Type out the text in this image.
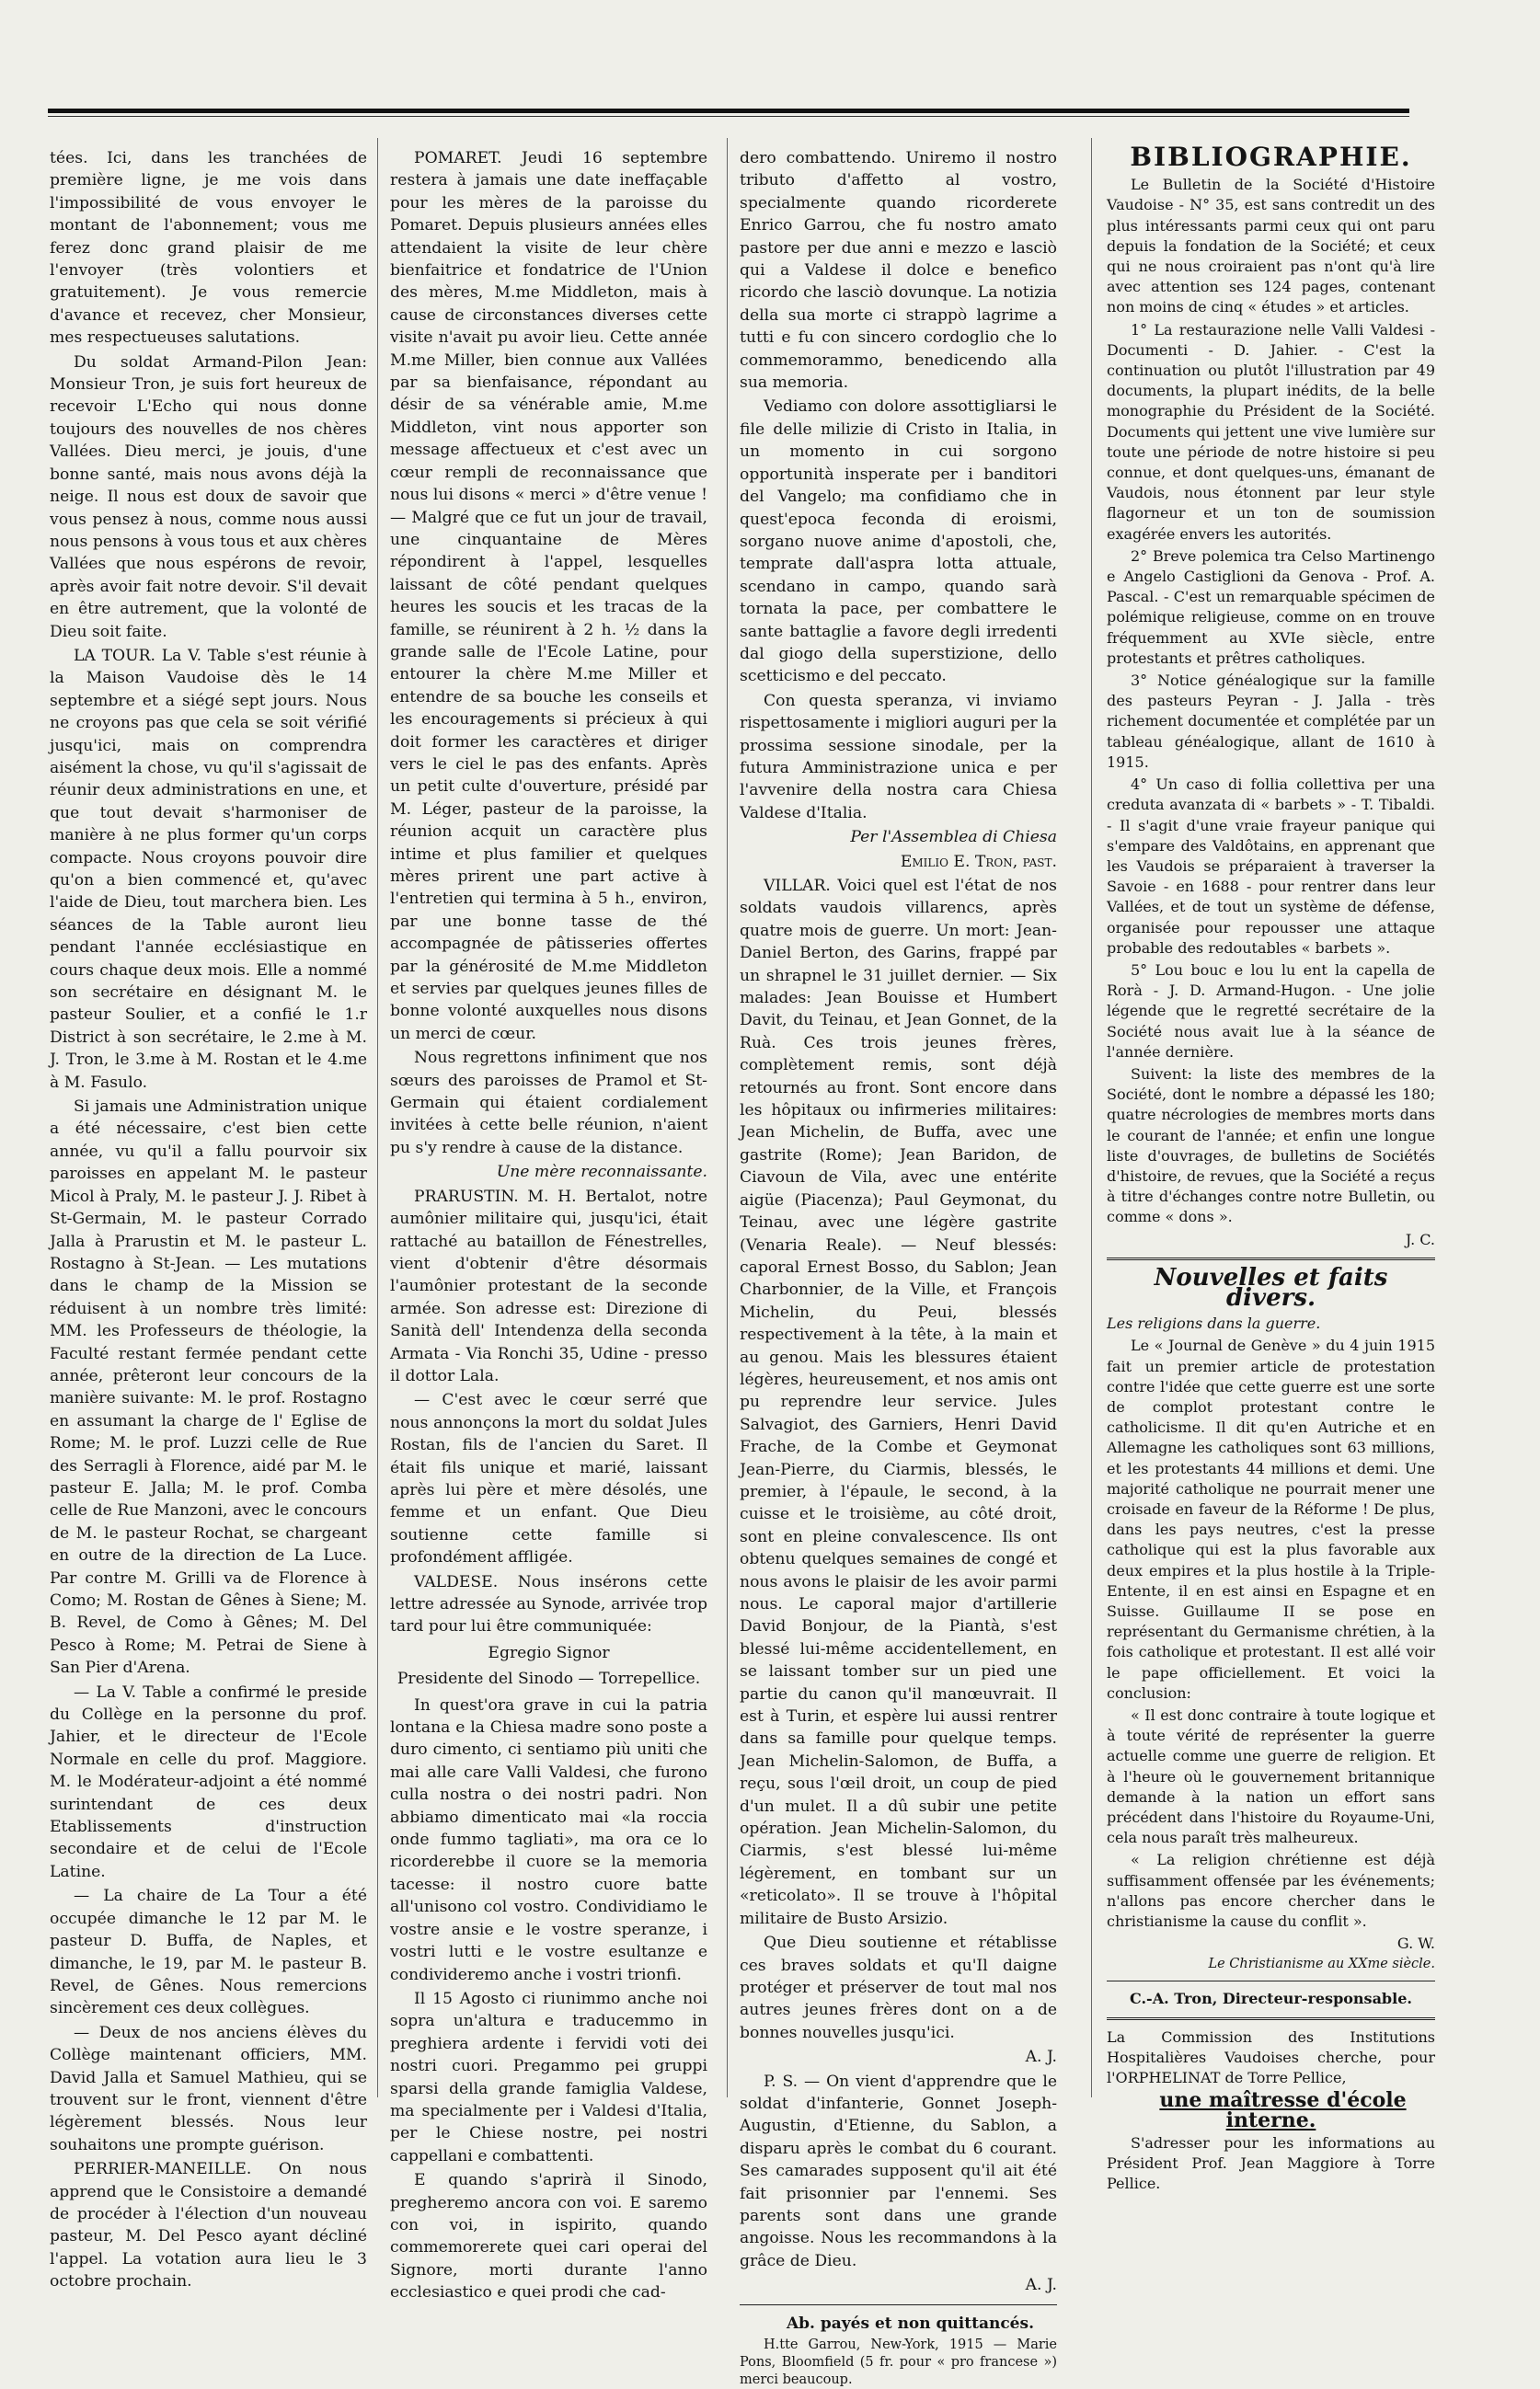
tées. Ici, dans les tranchées de première ligne, je me vois dans l'impossibilité de vous envoyer le montant de l'abonnement; vous me ferez donc grand plaisir de me l'envoyer (très volontiers et gratuitement). Je vous remercie d'avance et recevez, cher Monsieur, mes respectueuses salutations.

Du soldat Armand-Pilon Jean: Monsieur Tron, je suis fort heureux de recevoir L'Echo qui nous donne toujours des nouvelles de nos chères Vallées. Dieu merci, je jouis, d'une bonne santé, mais nous avons déjà la neige. Il nous est doux de savoir que vous pensez à nous, comme nous aussi nous pensons à vous tous et aux chères Vallées que nous espérons de revoir, après avoir fait notre devoir. S'il devait en être autrement, que la volonté de Dieu soit faite.

LA TOUR. La V. Table s'est réunie à la Maison Vaudoise dès le 14 septembre et a siégé sept jours. Nous ne croyons pas que cela se soit vérifié jusqu'ici, mais on comprendra aisément la chose, vu qu'il s'agissait de réunir deux administrations en une, et que tout devait s'harmoniser de manière à ne plus former qu'un corps compacte. Nous croyons pouvoir dire qu'on a bien commencé et, qu'avec l'aide de Dieu, tout marchera bien. Les séances de la Table auront lieu pendant l'année ecclésiastique en cours chaque deux mois. Elle a nommé son secrétaire en désignant M. le pasteur Soulier, et a confié le 1.r District à son secrétaire, le 2.me à M. J. Tron, le 3.me à M. Rostan et le 4.me à M. Fasulo.

Si jamais une Administration unique a été nécessaire, c'est bien cette année, vu qu'il a fallu pourvoir six paroisses en appelant M. le pasteur Micol à Praly, M. le pasteur J. J. Ribet à St-Germain, M. le pasteur Corrado Jalla à Prarustin et M. le pasteur L. Rostagno à St-Jean. — Les mutations dans le champ de la Mission se réduisent à un nombre très limité: MM. les Professeurs de théologie, la Faculté restant fermée pendant cette année, prêteront leur concours de la manière suivante: M. le prof. Rostagno en assumant la charge de l' Eglise de Rome; M. le prof. Luzzi celle de Rue des Serragli à Florence, aidé par M. le pasteur E. Jalla; M. le prof. Comba celle de Rue Manzoni, avec le concours de M. le pasteur Rochat, se chargeant en outre de la direction de La Luce. Par contre M. Grilli va de Florence à Como; M. Rostan de Gênes à Siene; M. B. Revel, de Como à Gênes; M. Del Pesco à Rome; M. Petrai de Siene à San Pier d'Arena.

— La V. Table a confirmé le preside du Collège en la personne du prof. Jahier, et le directeur de l'Ecole Normale en celle du prof. Maggiore. M. le Modérateur-adjoint a été nommé surintendant de ces deux Etablissements d'instruction secondaire et de celui de l'Ecole Latine.

— La chaire de La Tour a été occupée dimanche le 12 par M. le pasteur D. Buffa, de Naples, et dimanche, le 19, par M. le pasteur B. Revel, de Gênes. Nous remercions sincèrement ces deux collègues.

— Deux de nos anciens élèves du Collège maintenant officiers, MM. David Jalla et Samuel Mathieu, qui se trouvent sur le front, viennent d'être légèrement blessés. Nous leur souhaitons une prompte guérison.

PERRIER-MANEILLE. On nous apprend que le Consistoire a demandé de procéder à l'élection d'un nouveau pasteur, M. Del Pesco ayant décliné l'appel. La votation aura lieu le 3 octobre prochain.

POMARET. Jeudi 16 septembre restera à jamais une date ineffaçable pour les mères de la paroisse du Pomaret. Depuis plusieurs années elles attendaient la visite de leur chère bienfaitrice et fondatrice de l'Union des mères, M.me Middleton, mais à cause de circonstances diverses cette visite n'avait pu avoir lieu. Cette année M.me Miller, bien connue aux Vallées par sa bienfaisance, répondant au désir de sa vénérable amie, M.me Middleton, vint nous apporter son message affectueux et c'est avec un cœur rempli de reconnaissance que nous lui disons « merci » d'être venue ! — Malgré que ce fut un jour de travail, une cinquantaine de Mères répondirent à l'appel, lesquelles laissant de côté pendant quelques heures les soucis et les tracas de la famille, se réunirent à 2 h. ½ dans la grande salle de l'Ecole Latine, pour entourer la chère M.me Miller et entendre de sa bouche les conseils et les encouragements si précieux à qui doit former les caractères et diriger vers le ciel le pas des enfants. Après un petit culte d'ouverture, présidé par M. Léger, pasteur de la paroisse, la réunion acquit un caractère plus intime et plus familier et quelques mères prirent une part active à l'entretien qui termina à 5 h., environ, par une bonne tasse de thé accompagnée de pâtisseries offertes par la générosité de M.me Middleton et servies par quelques jeunes filles de bonne volonté auxquelles nous disons un merci de cœur.

Nous regrettons infiniment que nos sœurs des paroisses de Pramol et St-Germain qui étaient cordialement invitées à cette belle réunion, n'aient pu s'y rendre à cause de la distance.

Une mère reconnaissante.

PRARUSTIN. M. H. Bertalot, notre aumônier militaire qui, jusqu'ici, était rattaché au bataillon de Fénestrelles, vient d'obtenir d'être désormais l'aumônier protestant de la seconde armée. Son adresse est: Direzione di Sanità dell' Intendenza della seconda Armata - Via Ronchi 35, Udine - presso il dottor Lala.

— C'est avec le cœur serré que nous annonçons la mort du soldat Jules Rostan, fils de l'ancien du Saret. Il était fils unique et marié, laissant après lui père et mère désolés, une femme et un enfant. Que Dieu soutienne cette famille si profondément affligée.

VALDESE. Nous insérons cette lettre adressée au Synode, arrivée trop tard pour lui être communiquée:

Egregio Signor

Presidente del Sinodo — Torrepellice.

In quest'ora grave in cui la patria lontana e la Chiesa madre sono poste a duro cimento, ci sentiamo più uniti che mai alle care Valli Valdesi, che furono culla nostra o dei nostri padri. Non abbiamo dimenticato mai «la roccia onde fummo tagliati», ma ora ce lo ricorderebbe il cuore se la memoria tacesse: il nostro cuore batte all'unisono col vostro. Condividiamo le vostre ansie e le vostre speranze, i vostri lutti e le vostre esultanze e condivideremo anche i vostri trionfi.

Il 15 Agosto ci riunimmo anche noi sopra un'altura e traducemmo in preghiera ardente i fervidi voti dei nostri cuori. Pregammo pei gruppi sparsi della grande famiglia Valdese, ma specialmente per i Valdesi d'Italia, per le Chiese nostre, pei nostri cappellani e combattenti.

E quando s'aprirà il Sinodo, pregheremo ancora con voi. E saremo con voi, in ispirito, quando commemorerete quei cari operai del Signore, morti durante l'anno ecclesiastico e quei prodi che cad-

dero combattendo. Uniremo il nostro tributo d'affetto al vostro, specialmente quando ricorderete Enrico Garrou, che fu nostro amato pastore per due anni e mezzo e lasciò qui a Valdese il dolce e benefico ricordo che lasciò dovunque. La notizia della sua morte ci strappò lagrime a tutti e fu con sincero cordoglio che lo commemorammo, benedicendo alla sua memoria.

Vediamo con dolore assottigliarsi le file delle milizie di Cristo in Italia, in un momento in cui sorgono opportunità insperate per i banditori del Vangelo; ma confidiamo che in quest'epoca feconda di eroismi, sorgano nuove anime d'apostoli, che, temprate dall'aspra lotta attuale, scendano in campo, quando sarà tornata la pace, per combattere le sante battaglie a favore degli irredenti dal giogo della superstizione, dello scetticismo e del peccato.

Con questa speranza, vi inviamo rispettosamente i migliori auguri per la prossima sessione sinodale, per la futura Amministrazione unica e per l'avvenire della nostra cara Chiesa Valdese d'Italia.

Per l'Assemblea di Chiesa

Emilio E. Tron, past.

VILLAR. Voici quel est l'état de nos soldats vaudois villarencs, après quatre mois de guerre. Un mort: Jean-Daniel Berton, des Garins, frappé par un shrapnel le 31 juillet dernier. — Six malades: Jean Bouisse et Humbert Davit, du Teinau, et Jean Gonnet, de la Ruà. Ces trois jeunes frères, complètement remis, sont déjà retournés au front. Sont encore dans les hôpitaux ou infirmeries militaires: Jean Michelin, de Buffa, avec une gastrite (Rome); Jean Baridon, de Ciavoun de Vila, avec une entérite aigüe (Piacenza); Paul Geymonat, du Teinau, avec une légère gastrite (Venaria Reale). — Neuf blessés: caporal Ernest Bosso, du Sablon; Jean Charbonnier, de la Ville, et François Michelin, du Peui, blessés respectivement à la tête, à la main et au genou. Mais les blessures étaient légères, heureusement, et nos amis ont pu reprendre leur service. Jules Salvagiot, des Garniers, Henri David Frache, de la Combe et Geymonat Jean-Pierre, du Ciarmis, blessés, le premier, à l'épaule, le second, à la cuisse et le troisième, au côté droit, sont en pleine convalescence. Ils ont obtenu quelques semaines de congé et nous avons le plaisir de les avoir parmi nous. Le caporal major d'artillerie David Bonjour, de la Piantà, s'est blessé lui-même accidentellement, en se laissant tomber sur un pied une partie du canon qu'il manœuvrait. Il est à Turin, et espère lui aussi rentrer dans sa famille pour quelque temps. Jean Michelin-Salomon, de Buffa, a reçu, sous l'œil droit, un coup de pied d'un mulet. Il a dû subir une petite opération. Jean Michelin-Salomon, du Ciarmis, s'est blessé lui-même légèrement, en tombant sur un «reticolato». Il se trouve à l'hôpital militaire de Busto Arsizio.

Que Dieu soutienne et rétablisse ces braves soldats et qu'Il daigne protéger et préserver de tout mal nos autres jeunes frères dont on a de bonnes nouvelles jusqu'ici.

A. J.

P. S. — On vient d'apprendre que le soldat d'infanterie, Gonnet Joseph-Augustin, d'Etienne, du Sablon, a disparu après le combat du 6 courant. Ses camarades supposent qu'il ait été fait prisonnier par l'ennemi. Ses parents sont dans une grande angoisse. Nous les recommandons à la grâce de Dieu.

A. J.

Ab. payés et non quittancés.

H.tte Garrou, New-York, 1915 — Marie Pons, Bloomfield (5 fr. pour « pro francese ») merci beaucoup.

BIBLIOGRAPHIE.

Le Bulletin de la Société d'Histoire Vaudoise - N° 35, est sans contredit un des plus intéressants parmi ceux qui ont paru depuis la fondation de la Société; et ceux qui ne nous croiraient pas n'ont qu'à lire avec attention ses 124 pages, contenant non moins de cinq « études » et articles.

1° La restaurazione nelle Valli Valdesi - Documenti - D. Jahier. - C'est la continuation ou plutôt l'illustration par 49 documents, la plupart inédits, de la belle monographie du Président de la Société. Documents qui jettent une vive lumière sur toute une période de notre histoire si peu connue, et dont quelques-uns, émanant de Vaudois, nous étonnent par leur style flagorneur et un ton de soumission exagérée envers les autorités.

2° Breve polemica tra Celso Martinengo e Angelo Castiglioni da Genova - Prof. A. Pascal. - C'est un remarquable spécimen de polémique religieuse, comme on en trouve fréquemment au XVIe siècle, entre protestants et prêtres catholiques.

3° Notice généalogique sur la famille des pasteurs Peyran - J. Jalla - très richement documentée et complétée par un tableau généalogique, allant de 1610 à 1915.

4° Un caso di follia collettiva per una creduta avanzata di « barbets » - T. Tibaldi. - Il s'agit d'une vraie frayeur panique qui s'empare des Valdôtains, en apprenant que les Vaudois se préparaient à traverser la Savoie - en 1688 - pour rentrer dans leur Vallées, et de tout un système de défense, organisée pour repousser une attaque probable des redoutables « barbets ».

5° Lou bouc e lou lu ent la capella de Rorà - J. D. Armand-Hugon. - Une jolie légende que le regretté secrétaire de la Société nous avait lue à la séance de l'année dernière.

Suivent: la liste des membres de la Société, dont le nombre a dépassé les 180; quatre nécrologies de membres morts dans le courant de l'année; et enfin une longue liste d'ouvrages, de bulletins de Sociétés d'histoire, de revues, que la Société a reçus à titre d'échanges contre notre Bulletin, ou comme « dons ».

J. C.

Nouvelles et faits divers.

Les religions dans la guerre.

Le « Journal de Genève » du 4 juin 1915 fait un premier article de protestation contre l'idée que cette guerre est une sorte de complot protestant contre le catholicisme. Il dit qu'en Autriche et en Allemagne les catholiques sont 63 millions, et les protestants 44 millions et demi. Une majorité catholique ne pourrait mener une croisade en faveur de la Réforme ! De plus, dans les pays neutres, c'est la presse catholique qui est la plus favorable aux deux empires et la plus hostile à la Triple-Entente, il en est ainsi en Espagne et en Suisse. Guillaume II se pose en représentant du Germanisme chrétien, à la fois catholique et protestant. Il est allé voir le pape officiellement. Et voici la conclusion:

« Il est donc contraire à toute logique et à toute vérité de représenter la guerre actuelle comme une guerre de religion. Et à l'heure où le gouvernement britannique demande à la nation un effort sans précédent dans l'histoire du Royaume-Uni, cela nous paraît très malheureux.

« La religion chrétienne est déjà suffisamment offensée par les événements; n'allons pas encore chercher dans le christianisme la cause du conflit ».

G. W.

Le Christianisme au XXme siècle.

C.-A. Tron, Directeur-responsable.

La Commission des Institutions Hospitalières Vaudoises cherche, pour l'ORPHELINAT de Torre Pellice,

une maîtresse d'école interne.

S'adresser pour les informations au Président Prof. Jean Maggiore à Torre Pellice.
